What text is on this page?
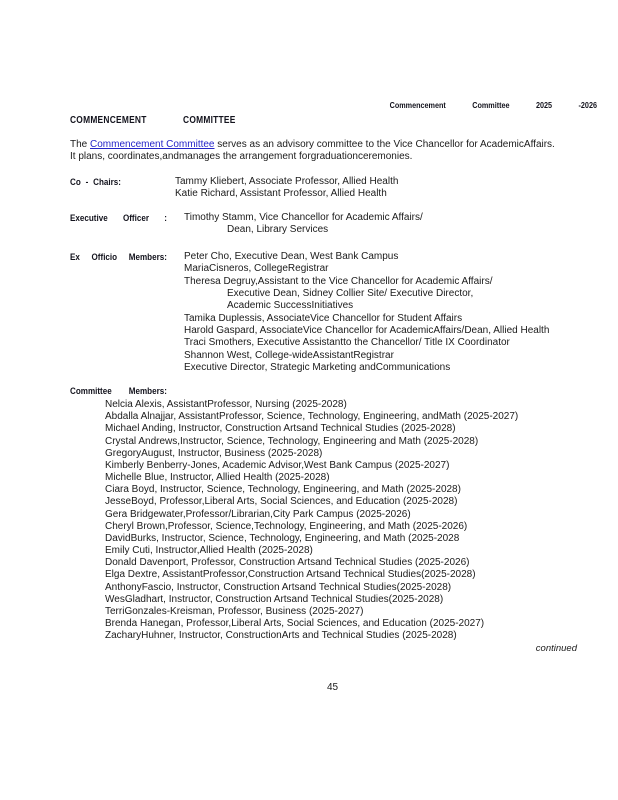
Commencement	Committee	2025	-2026
COMMENCEMENT	COMMITTEE
The Commencement Committee serves as an advisory committee to the Vice Chancellor for AcademicAffairs.
It plans, coordinates,andmanages the arrangement forgraduationceremonies.
Co - Chairs:	Tammy Kliebert, Associate Professor, Allied Health
Katie Richard, Assistant Professor, Allied Health
Executive Officer : Timothy Stamm, Vice Chancellor for Academic Affairs/
Dean, Library Services
Ex Officio Members: Peter Cho, Executive Dean, West Bank Campus
MariaCisneros, CollegeRegistrar
Theresa Degruy,Assistant to the Vice Chancellor for Academic Affairs/
Executive Dean, Sidney Collier Site/ Executive Director,
Academic SuccessInitiatives
Tamika Duplessis, AssociateVice Chancellor for Student Affairs
Harold Gaspard, AssociateVice Chancellor for AcademicAffairs/Dean, Allied Health
Traci Smothers, Executive Assistantto the Chancellor/ Title IX Coordinator
Shannon West, College-wideAssistantRegistrar
Executive Director, Strategic Marketing andCommunications
Committee Members:
Nelcia Alexis, AssistantProfessor, Nursing (2025-2028)
Abdalla Alnajjar, AssistantProfessor, Science, Technology, Engineering, andMath (2025-2027)
Michael Anding, Instructor, Construction Artsand Technical Studies (2025-2028)
Crystal Andrews,Instructor, Science, Technology, Engineering and Math (2025-2028)
GregoryAugust, Instructor, Business (2025-2028)
Kimberly Benberry-Jones, Academic Advisor,West Bank Campus (2025-2027)
Michelle Blue, Instructor, Allied Health (2025-2028)
Ciara Boyd, Instructor, Science, Technology, Engineering, and Math (2025-2028)
JesseBoyd, Professor,Liberal Arts, Social Sciences, and Education (2025-2028)
Gera Bridgewater,Professor/Librarian,City Park Campus (2025-2026)
Cheryl Brown,Professor, Science,Technology, Engineering, and Math (2025-2026)
DavidBurks, Instructor, Science, Technology, Engineering, and Math (2025-2028
Emily Cuti, Instructor,Allied Health (2025-2028)
Donald Davenport, Professor, Construction Artsand Technical Studies (2025-2026)
Elga Dextre, AssistantProfessor,Construction Artsand Technical Studies(2025-2028)
AnthonyFascio, Instructor, Construction Artsand Technical Studies(2025-2028)
WesGladhart, Instructor, Construction Artsand Technical Studies(2025-2028)
TerriGonzales-Kreisman, Professor, Business (2025-2027)
Brenda Hanegan, Professor,Liberal Arts, Social Sciences, and Education (2025-2027)
ZacharyHuhner, Instructor, ConstructionArts and Technical Studies (2025-2028)
continued
45
